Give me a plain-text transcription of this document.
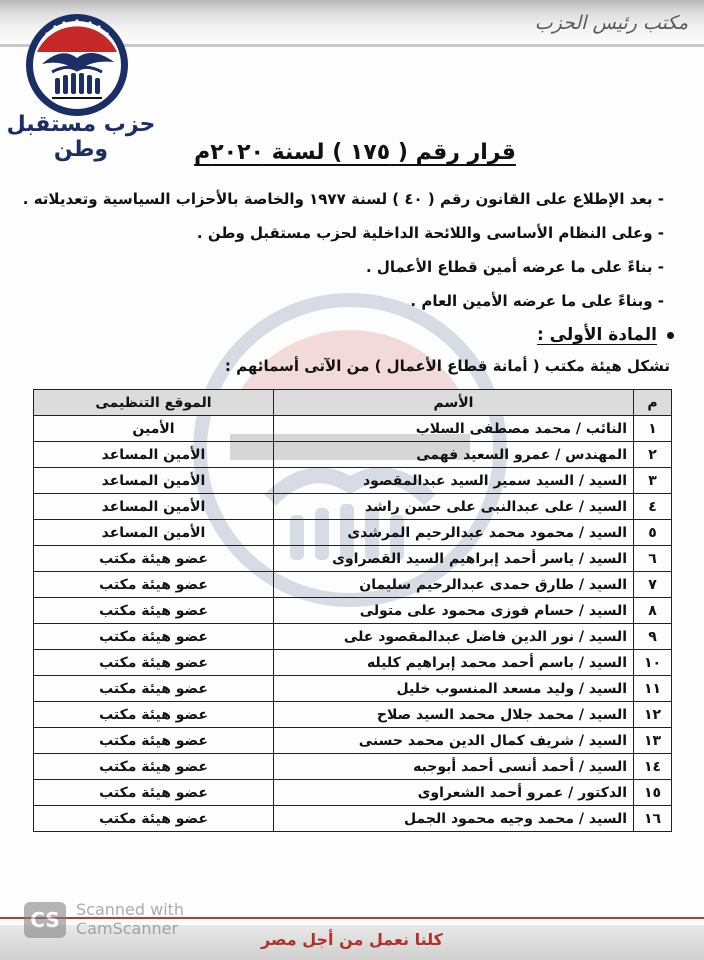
مكتب رئيس الحزب
حزب مستقبل وطن	قرار رقم ( ١٧٥ ) لسنة ٢٠٢٠م
- بعد الإطلاع على القانون رقم ( ٤٠ ) لسنة ١٩٧٧ والخاصة بالأحزاب السياسية وتعديلاته .
- وعلى النظام الأساسى واللائحة الداخلية لحزب مستقبل وطن .
- بناءً على ما عرضه أمين قطاع الأعمال .
- وبناءً على ما عرضه الأمين العام .
المادة الأولى :
تشكل هيئة مكتب ( أمانة قطاع الأعمال ) من الآتى أسمائهم :
م	الأسم	الموقع التنظيمى
١	النائب / محمد مصطفى السلاب	الأمين
٢	المهندس / عمرو السعيد فهمى	الأمين المساعد
٣	السيد / السيد سمير السيد عبدالمقصود	الأمين المساعد
٤	السيد / على عبدالنبى على حسن راشد	الأمين المساعد
٥	السيد / محمود محمد عبدالرحيم المرشدى	الأمين المساعد
٦	السيد / ياسر أحمد إبراهيم السيد القصراوى	عضو هيئة مكتب
٧	السيد / طارق حمدى عبدالرحيم سليمان	عضو هيئة مكتب
٨	السيد / حسام فوزى محمود على متولى	عضو هيئة مكتب
٩	السيد / نور الدين فاضل عبدالمقصود على	عضو هيئة مكتب
١٠	السيد / باسم أحمد محمد إبراهيم كليله	عضو هيئة مكتب
١١	السيد / وليد مسعد المنسوب خليل	عضو هيئة مكتب
١٢	السيد / محمد جلال محمد السيد صلاح	عضو هيئة مكتب
١٣	السيد / شريف كمال الدين محمد حسنى	عضو هيئة مكتب
١٤	السيد / أحمد أنسى أحمد أبوجبه	عضو هيئة مكتب
١٥	الدكتور / عمرو أحمد الشعراوى	عضو هيئة مكتب
١٦	السيد / محمد وجيه محمود الجمل	عضو هيئة مكتب
CS	Scanned with
CamScanner
كلنا نعمل من أجل مصر
